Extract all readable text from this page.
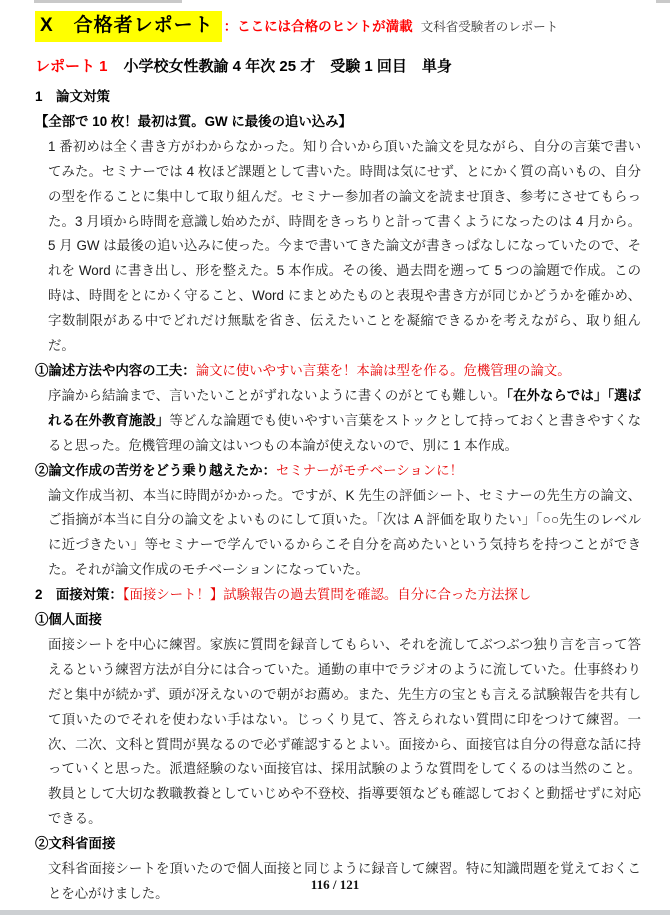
X　合格者レポート ：ここには合格のヒントが満載 文科省受験者のレポート
レポート 1 小学校女性教諭 4 年次 25 才　受験 1 回目　単身
1　論文対策

【全部で 10 枚！最初は質。GW に最後の追い込み】

1 番初めは全く書き方がわからなかった。知り合いから頂いた論文を見ながら、自分の言葉で書いてみた。セミナーでは 4 枚ほど課題として書いた。時間は気にせず、とにかく質の高いもの、自分の型を作ることに集中して取り組んだ。セミナー参加者の論文を読ませ頂き、参考にさせてもらった。3 月頃から時間を意識し始めたが、時間をきっちりと計って書くようになったのは 4 月から。5 月 GW は最後の追い込みに使った。今まで書いてきた論文が書きっぱなしになっていたので、それを Word に書き出し、形を整えた。5 本作成。その後、過去問を遡って 5 つの論題で作成。この時は、時間をとにかく守ること、Word にまとめたものと表現や書き方が同じかどうかを確かめ、字数制限がある中でどれだけ無駄を省き、伝えたいことを凝縮できるかを考えながら、取り組んだ。

①論述方法や内容の工夫：論文に使いやすい言葉を！本論は型を作る。危機管理の論文。

序論から結論まで、言いたいことがずれないように書くのがとても難しい。「在外ならでは」「選ばれる在外教育施設」等どんな論題でも使いやすい言葉をストックとして持っておくと書きやすくなると思った。危機管理の論文はいつもの本論が使えないので、別に 1 本作成。

②論文作成の苦労をどう乗り越えたか：セミナーがモチベーションに！

論文作成当初、本当に時間がかかった。ですが、K 先生の評価シート、セミナーの先生方の論文、ご指摘が本当に自分の論文をよいものにして頂いた。「次は A 評価を取りたい」「○○先生のレベルに近づきたい」等セミナーで学んでいるからこそ自分を高めたいという気持ちを持つことができた。それが論文作成のモチベーションになっていた。

2　面接対策：【面接シート！】試験報告の過去質問を確認。自分に合った方法探し

①個人面接

面接シートを中心に練習。家族に質問を録音してもらい、それを流してぶつぶつ独り言を言って答えるという練習方法が自分には合っていた。通勤の車中でラジオのように流していた。仕事終わりだと集中が続かず、頭が冴えないので朝がお薦め。また、先生方の宝とも言える試験報告を共有して頂いたのでそれを使わない手はない。じっくり見て、答えられない質問に印をつけて練習。一次、二次、文科と質問が異なるので必ず確認するとよい。面接から、面接官は自分の得意な話に持っていくと思った。派遣経験のない面接官は、採用試験のような質問をしてくるのは当然のこと。教員として大切な教職教養としていじめや不登校、指導要領なども確認しておくと動揺せずに対応できる。

②文科省面接

文科省面接シートを頂いたので個人面接と同じように録音して練習。特に知識問題を覚えておくことを心がけました。

116 / 121
